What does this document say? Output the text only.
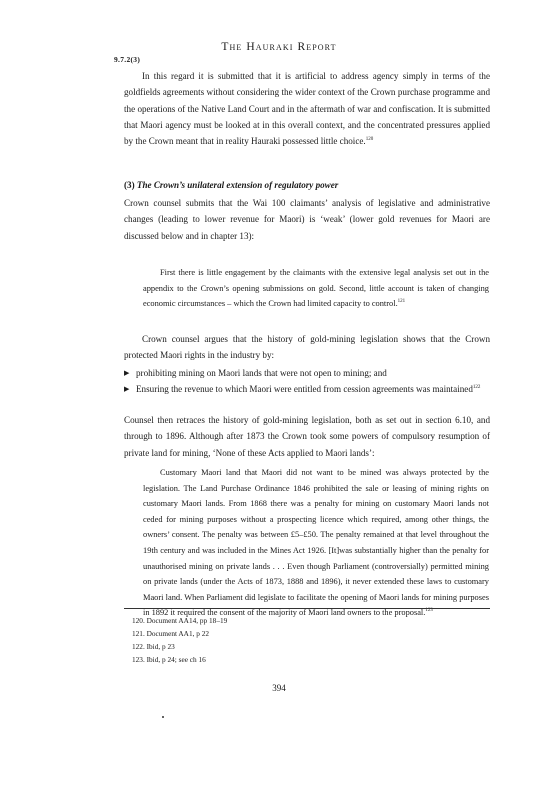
The Hauraki Report
9.7.2(3)
In this regard it is submitted that it is artificial to address agency simply in terms of the goldfields agreements without considering the wider context of the Crown purchase programme and the operations of the Native Land Court and in the aftermath of war and confiscation. It is submitted that Maori agency must be looked at in this overall context, and the concentrated pressures applied by the Crown meant that in reality Hauraki possessed little choice.$^{120}$
(3) The Crown’s unilateral extension of regulatory power
Crown counsel submits that the Wai 100 claimants’ analysis of legislative and administrative changes (leading to lower revenue for Maori) is ‘weak’ (lower gold revenues for Maori are discussed below and in chapter 13):
First there is little engagement by the claimants with the extensive legal analysis set out in the appendix to the Crown’s opening submissions on gold. Second, little account is taken of changing economic circumstances – which the Crown had limited capacity to control.$^{121}$
Crown counsel argues that the history of gold-mining legislation shows that the Crown protected Maori rights in the industry by:
▶ prohibiting mining on Maori lands that were not open to mining; and
▶ Ensuring the revenue to which Maori were entitled from cession agreements was maintained$^{122}$
Counsel then retraces the history of gold-mining legislation, both as set out in section 6.10, and through to 1896. Although after 1873 the Crown took some powers of compulsory resumption of private land for mining, ‘None of these Acts applied to Maori lands’:
Customary Maori land that Maori did not want to be mined was always protected by the legislation. The Land Purchase Ordinance 1846 prohibited the sale or leasing of mining rights on customary Maori lands. From 1868 there was a penalty for mining on customary Maori lands not ceded for mining purposes without a prospecting licence which required, among other things, the owners’ consent. The penalty was between £5–£50. The penalty remained at that level throughout the 19th century and was included in the Mines Act 1926. [It]was substantially higher than the penalty for unauthorised mining on private lands . . . Even though Parliament (controversially) permitted mining on private lands (under the Acts of 1873, 1888 and 1896), it never extended these laws to customary Maori land. When Parliament did legislate to facilitate the opening of Maori lands for mining purposes in 1892 it required the consent of the majority of Maori land owners to the proposal.$^{123}$
120. Document AA14, pp 18–19
121. Document AA1, p 22
122. Ibid, p 23
123. Ibid, p 24; see ch 16
394
